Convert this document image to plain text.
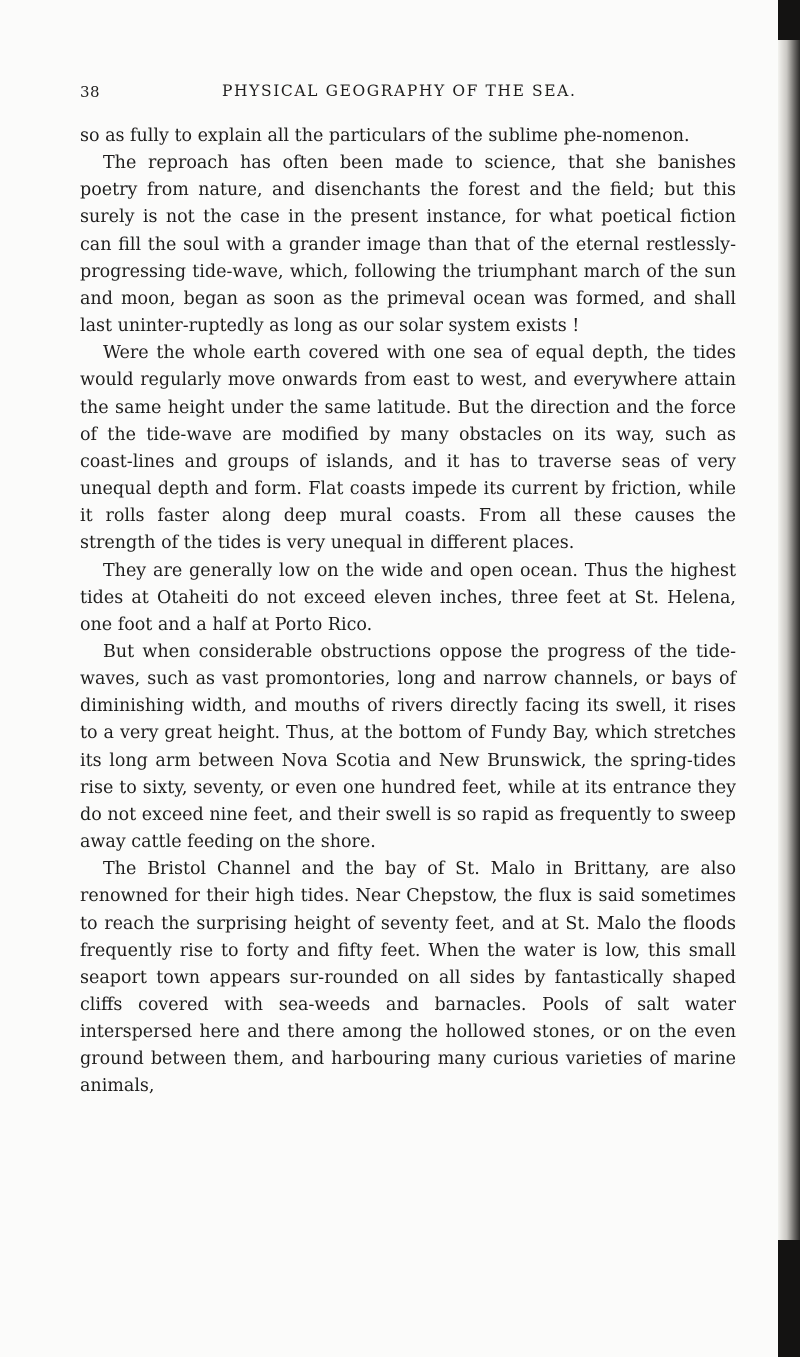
38	PHYSICAL GEOGRAPHY OF THE SEA.

so as fully to explain all the particulars of the sublime phe-nomenon.

The reproach has often been made to science, that she banishes poetry from nature, and disenchants the forest and the field; but this surely is not the case in the present instance, for what poetical fiction can fill the soul with a grander image than that of the eternal restlessly-progressing tide-wave, which, following the triumphant march of the sun and moon, began as soon as the primeval ocean was formed, and shall last uninter-ruptedly as long as our solar system exists !

Were the whole earth covered with one sea of equal depth, the tides would regularly move onwards from east to west, and everywhere attain the same height under the same latitude. But the direction and the force of the tide-wave are modified by many obstacles on its way, such as coast-lines and groups of islands, and it has to traverse seas of very unequal depth and form. Flat coasts impede its current by friction, while it rolls faster along deep mural coasts. From all these causes the strength of the tides is very unequal in different places.

They are generally low on the wide and open ocean. Thus the highest tides at Otaheiti do not exceed eleven inches, three feet at St. Helena, one foot and a half at Porto Rico.

But when considerable obstructions oppose the progress of the tide-waves, such as vast promontories, long and narrow channels, or bays of diminishing width, and mouths of rivers directly facing its swell, it rises to a very great height. Thus, at the bottom of Fundy Bay, which stretches its long arm between Nova Scotia and New Brunswick, the spring-tides rise to sixty, seventy, or even one hundred feet, while at its entrance they do not exceed nine feet, and their swell is so rapid as frequently to sweep away cattle feeding on the shore.

The Bristol Channel and the bay of St. Malo in Brittany, are also renowned for their high tides. Near Chepstow, the flux is said sometimes to reach the surprising height of seventy feet, and at St. Malo the floods frequently rise to forty and fifty feet. When the water is low, this small seaport town appears sur-rounded on all sides by fantastically shaped cliffs covered with sea-weeds and barnacles. Pools of salt water interspersed here and there among the hollowed stones, or on the even ground between them, and harbouring many curious varieties of marine animals,
